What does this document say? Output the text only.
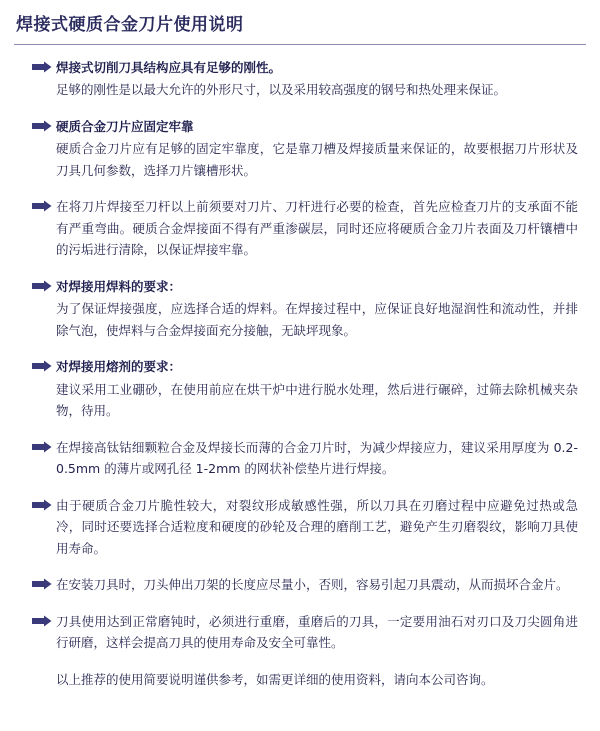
焊接式硬质合金刀片使用说明
焊接式切削刀具结构应具有足够的刚性。
足够的刚性是以最大允许的外形尺寸，以及采用较高强度的钢号和热处理来保证。
硬质合金刀片应固定牢靠
硬质合金刀片应有足够的固定牢靠度，它是靠刀槽及焊接质量来保证的，故要根据刀片形状及刀具几何参数，选择刀片镶槽形状。
在将刀片焊接至刀杆以上前须要对刀片、刀杆进行必要的检查，首先应检查刀片的支承面不能有严重弯曲。硬质合金焊接面不得有严重渗碳层，同时还应将硬质合金刀片表面及刀杆镶槽中的污垢进行清除，以保证焊接牢靠。
对焊接用焊料的要求：
为了保证焊接强度，应选择合适的焊料。在焊接过程中，应保证良好地湿润性和流动性，并排除气泡，使焊料与合金焊接面充分接触，无缺坪现象。
对焊接用熔剂的要求：
建议采用工业硼砂，在使用前应在烘干炉中进行脱水处理，然后进行碾碎，过筛去除机械夹杂物，待用。
在焊接高钛钴细颗粒合金及焊接长而薄的合金刀片时，为减少焊接应力，建议采用厚度为 0.2-0.5mm 的薄片或网孔径 1-2mm 的网状补偿垫片进行焊接。
由于硬质合金刀片脆性较大，对裂纹形成敏感性强，所以刀具在刃磨过程中应避免过热或急冷，同时还要选择合适粒度和硬度的砂轮及合理的磨削工艺，避免产生刃磨裂纹，影响刀具使用寿命。
在安装刀具时，刀头伸出刀架的长度应尽量小，否则，容易引起刀具震动，从而损坏合金片。
刀具使用达到正常磨钝时，必须进行重磨，重磨后的刀具，一定要用油石对刃口及刀尖圆角进行研磨，这样会提高刀具的使用寿命及安全可靠性。
以上推荐的使用简要说明谨供参考，如需更详细的使用资料，请向本公司咨询。
